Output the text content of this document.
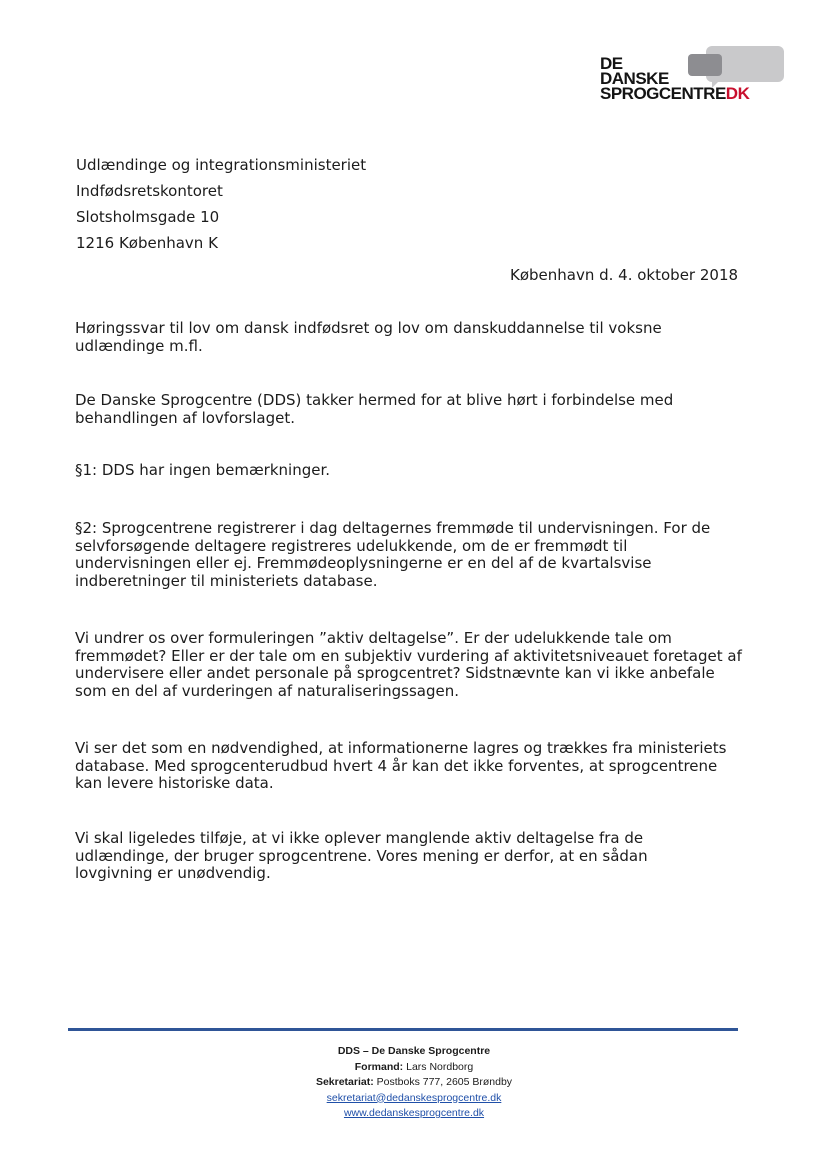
DE
DANSKE
SPROGCENTREDK
Udlændinge og integrationsministeriet
Indfødsretskontoret
Slotsholmsgade 10
1216 København K
København d. 4. oktober 2018

Høringssvar til lov om dansk indfødsret og lov om danskuddannelse til voksne udlændinge m.fl.

De Danske Sprogcentre (DDS) takker hermed for at blive hørt i forbindelse med behandlingen af lovforslaget.

§1: DDS har ingen bemærkninger.

§2: Sprogcentrene registrerer i dag deltagernes fremmøde til undervisningen. For de selvforsøgende deltagere registreres udelukkende, om de er fremmødt til undervisningen eller ej. Fremmødeoplysningerne er en del af de kvartalsvise indberetninger til ministeriets database.

Vi undrer os over formuleringen ”aktiv deltagelse”. Er der udelukkende tale om fremmødet? Eller er der tale om en subjektiv vurdering af aktivitetsniveauet foretaget af undervisere eller andet personale på sprogcentret? Sidstnævnte kan vi ikke anbefale som en del af vurderingen af naturaliseringssagen.

Vi ser det som en nødvendighed, at informationerne lagres og trækkes fra ministeriets database. Med sprogcenterudbud hvert 4 år kan det ikke forventes, at sprogcentrene kan levere historiske data.

Vi skal ligeledes tilføje, at vi ikke oplever manglende aktiv deltagelse fra de udlændinge, der bruger sprogcentrene. Vores mening er derfor, at en sådan lovgivning er unødvendig.

DDS – De Danske Sprogcentre
Formand: Lars Nordborg
Sekretariat: Postboks 777, 2605 Brøndby
sekretariat@dedanskesprogcentre.dk
www.dedanskesprogcentre.dk
